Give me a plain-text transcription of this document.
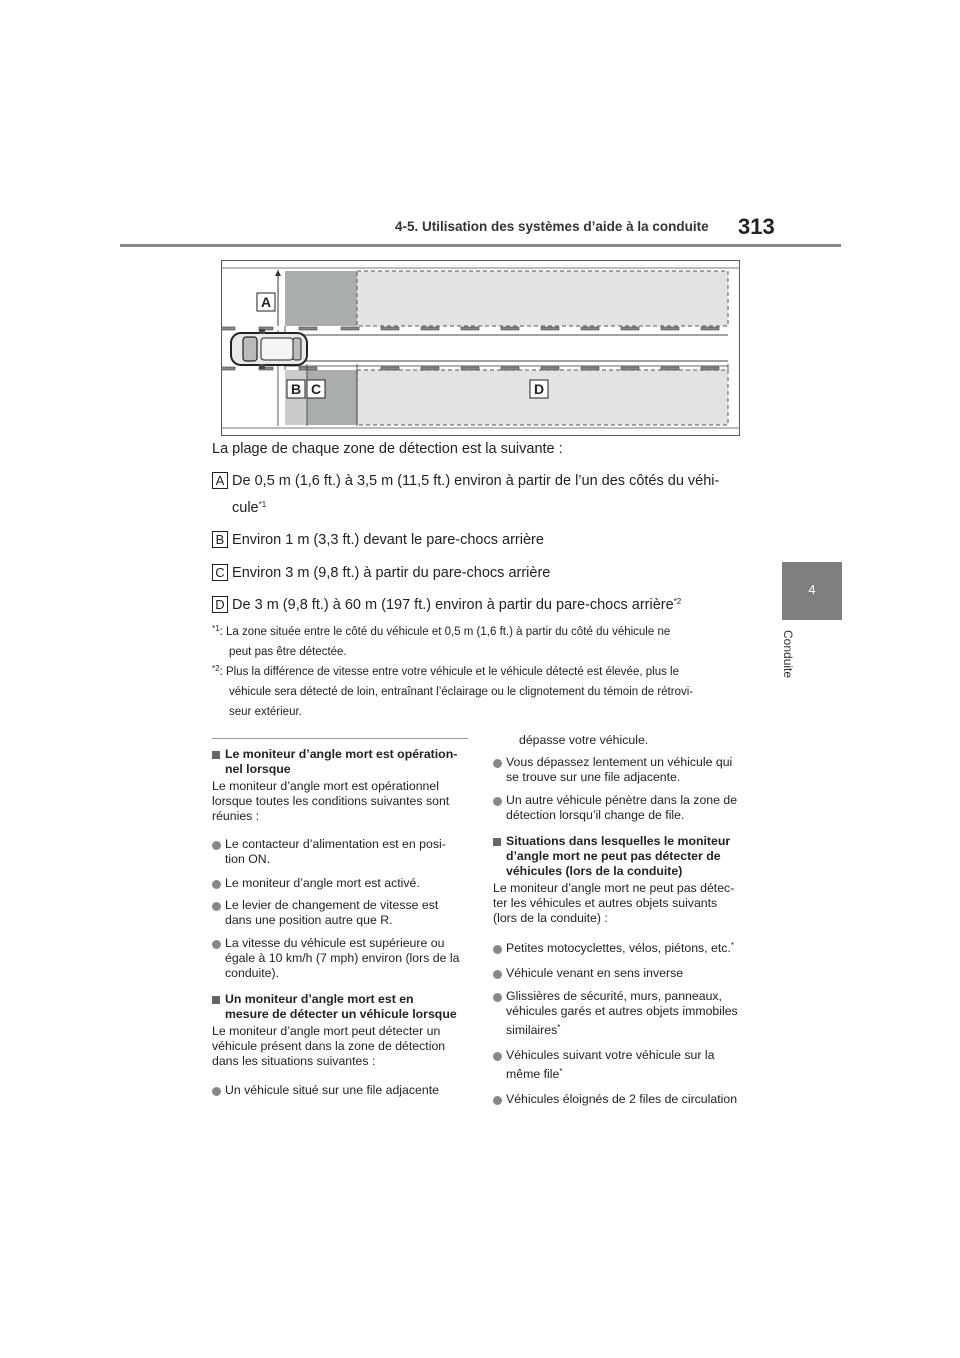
4-5. Utilisation des systèmes d’aide à la conduite 313
4
Conduite
A
B C	D
La plage de chaque zone de détection est la suivante :
A De 0,5 m (1,6 ft.) à 3,5 m (11,5 ft.) environ à partir de l’un des côtés du véhi-
cule$^{*1}$
B Environ 1 m (3,3 ft.) devant le pare-chocs arrière
C Environ 3 m (9,8 ft.) à partir du pare-chocs arrière
D De 3 m (9,8 ft.) à 60 m (197 ft.) environ à partir du pare-chocs arrière$^{*2}$
$^{*1}$: La zone située entre le côté du véhicule et 0,5 m (1,6 ft.) à partir du côté du véhicule ne
peut pas être détectée.
$^{*2}$: Plus la différence de vitesse entre votre véhicule et le véhicule détecté est élevée, plus le
véhicule sera détecté de loin, entraînant l’éclairage ou le clignotement du témoin de rétrovi-
seur extérieur.

Le moniteur d’angle mort est opération-

nel lorsque

Le moniteur d’angle mort est opérationnel

lorsque toutes les conditions suivantes sont

réunies :

Le contacteur d’alimentation est en posi-

tion ON.

Le moniteur d’angle mort est activé.

Le levier de changement de vitesse est

dans une position autre que R.

La vitesse du véhicule est supérieure ou

égale à 10 km/h (7 mph) environ (lors de la

conduite).

Un moniteur d’angle mort est en

mesure de détecter un véhicule lorsque

Le moniteur d’angle mort peut détecter un

véhicule présent dans la zone de détection

dans les situations suivantes :

Un véhicule situé sur une file adjacente

dépasse votre véhicule.

Vous dépassez lentement un véhicule qui

se trouve sur une file adjacente.

Un autre véhicule pénètre dans la zone de

détection lorsqu’il change de file.

Situations dans lesquelles le moniteur

d’angle mort ne peut pas détecter de

véhicules (lors de la conduite)

Le moniteur d’angle mort ne peut pas détec-

ter les véhicules et autres objets suivants

(lors de la conduite) :

Petites motocyclettes, vélos, piétons, etc.*

Véhicule venant en sens inverse

Glissières de sécurité, murs, panneaux,

véhicules garés et autres objets immobiles

similaires*

Véhicules suivant votre véhicule sur la

même file*

Véhicules éloignés de 2 files de circulation
